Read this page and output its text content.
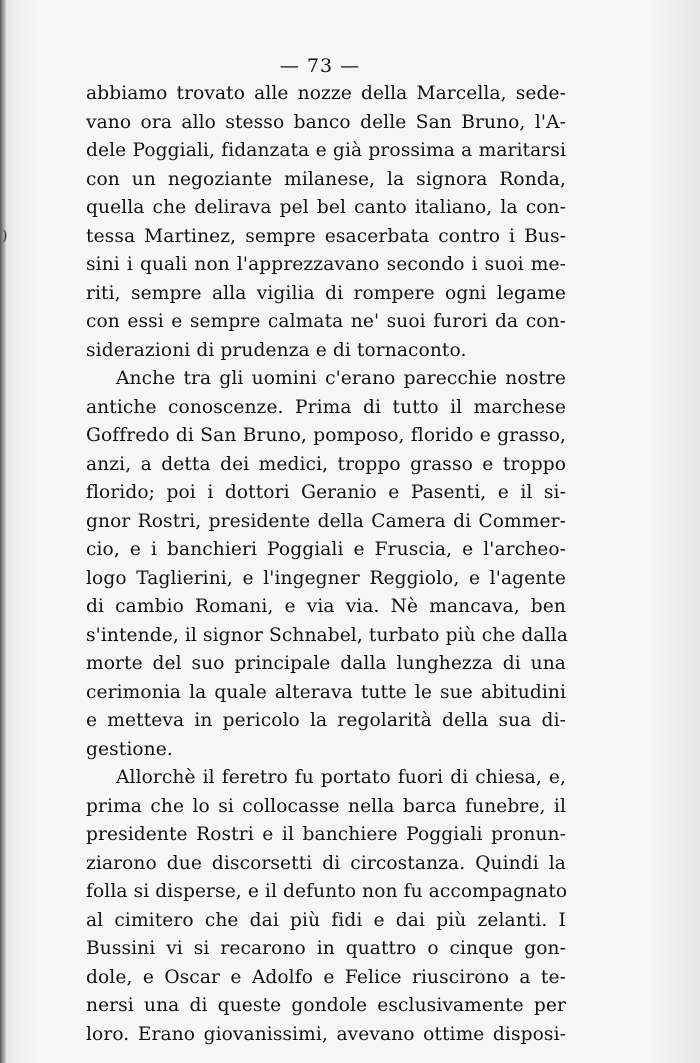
)
— 73 —
abbiamo trovato alle nozze della Marcella, sede-
vano ora allo stesso banco delle San Bruno, l'A-
dele Poggiali, fidanzata e già prossima a maritarsi
con un negoziante milanese, la signora Ronda,
quella che delirava pel bel canto italiano, la con-
tessa Martinez, sempre esacerbata contro i Bus-
sini i quali non l'apprezzavano secondo i suoi me-
riti, sempre alla vigilia di rompere ogni legame
con essi e sempre calmata ne' suoi furori da con-
siderazioni di prudenza e di tornaconto.
Anche tra gli uomini c'erano parecchie nostre
antiche conoscenze. Prima di tutto il marchese
Goffredo di San Bruno, pomposo, florido e grasso,
anzi, a detta dei medici, troppo grasso e troppo
florido; poi i dottori Geranio e Pasenti, e il si-
gnor Rostri, presidente della Camera di Commer-
cio, e i banchieri Poggiali e Fruscia, e l'archeo-
logo Taglierini, e l'ingegner Reggiolo, e l'agente
di cambio Romani, e via via. Nè mancava, ben
s'intende, il signor Schnabel, turbato più che dalla
morte del suo principale dalla lunghezza di una
cerimonia la quale alterava tutte le sue abitudini
e metteva in pericolo la regolarità della sua di-
gestione.
Allorchè il feretro fu portato fuori di chiesa, e,
prima che lo si collocasse nella barca funebre, il
presidente Rostri e il banchiere Poggiali pronun-
ziarono due discorsetti di circostanza. Quindi la
folla si disperse, e il defunto non fu accompagnato
al cimitero che dai più fidi e dai più zelanti. I
Bussini vi si recarono in quattro o cinque gon-
dole, e Oscar e Adolfo e Felice riuscirono a te-
nersi una di queste gondole esclusivamente per
loro. Erano giovanissimi, avevano ottime disposi-
